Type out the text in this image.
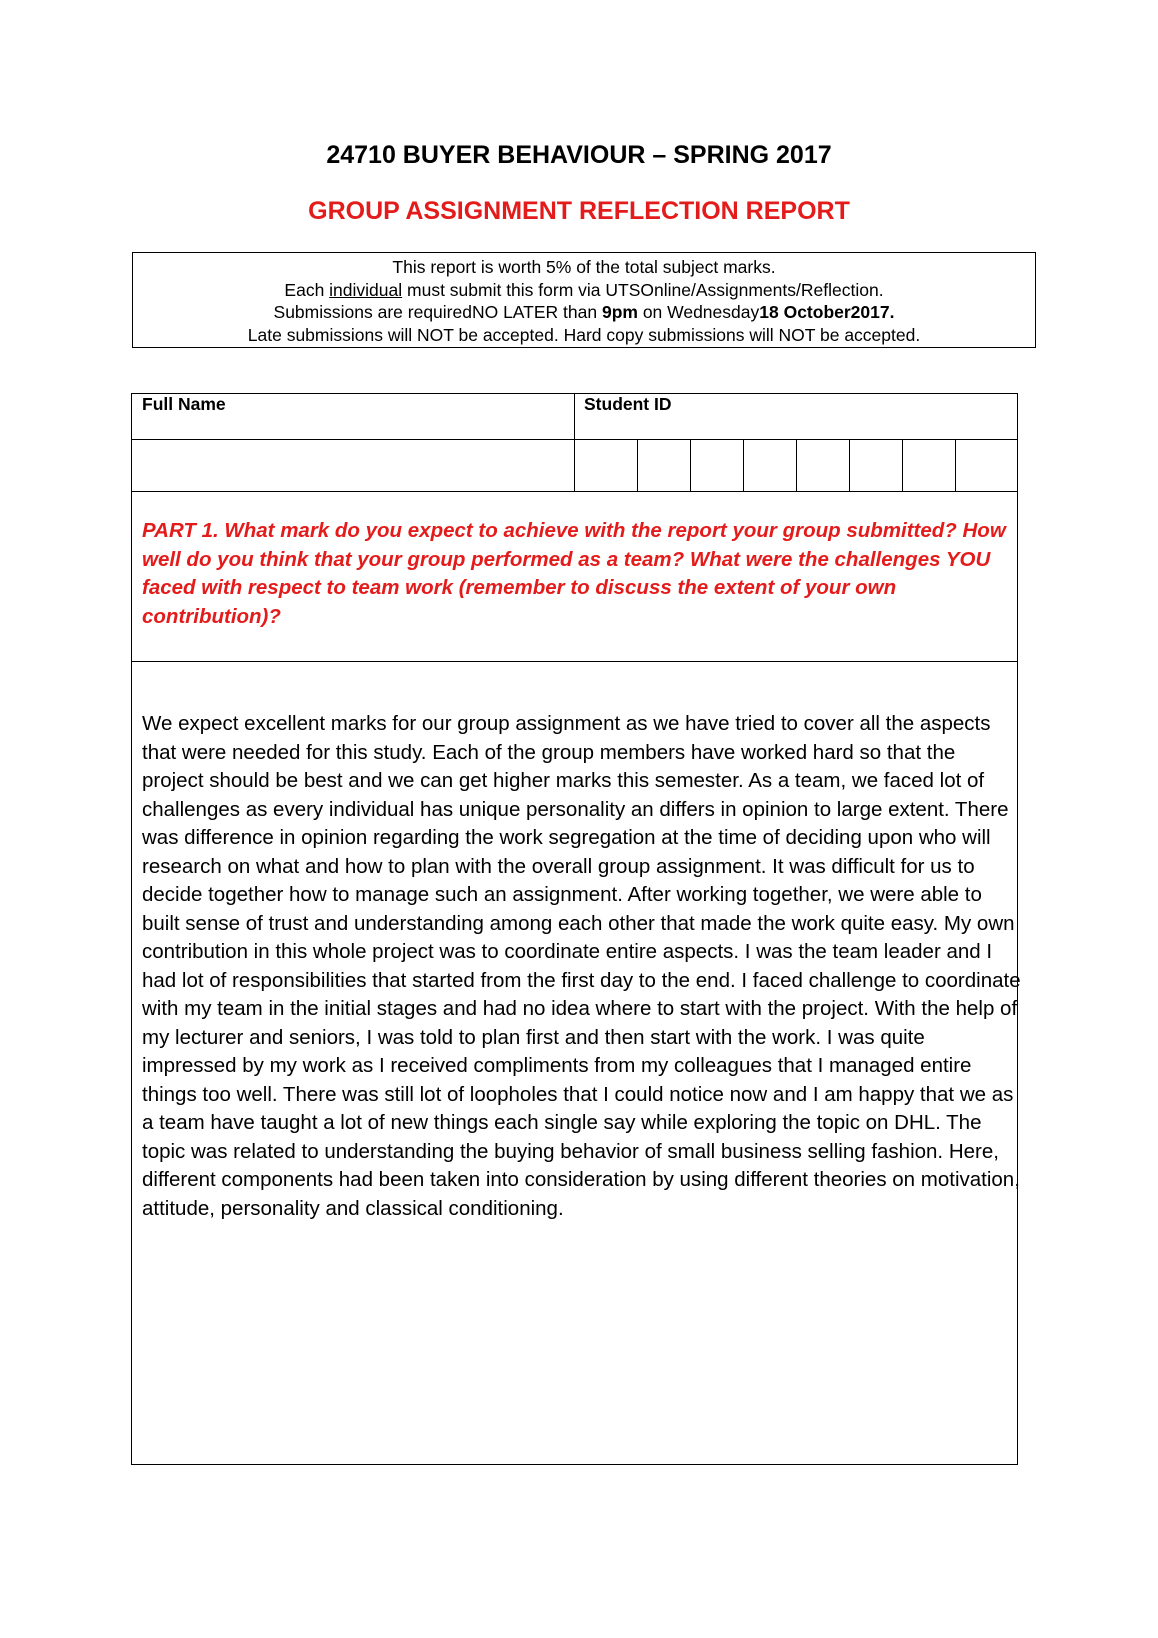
24710 BUYER BEHAVIOUR – SPRING 2017
GROUP ASSIGNMENT REFLECTION REPORT
This report is worth 5% of the total subject marks.
Each individual must submit this form via UTSOnline/Assignments/Reflection.
Submissions are requiredNO LATER than 9pm on Wednesday18 October2017.
Late submissions will NOT be accepted. Hard copy submissions will NOT be accepted.
Full Name	Student ID
PART 1. What mark do you expect to achieve with the report your group submitted? How well do you think that your group performed as a team? What were the challenges YOU faced with respect to team work (remember to discuss the extent of your own contribution)?
We expect excellent marks for our group assignment as we have tried to cover all the aspects that were needed for this study. Each of the group members have worked hard so that the project should be best and we can get higher marks this semester. As a team, we faced lot of challenges as every individual has unique personality an differs in opinion to large extent. There was difference in opinion regarding the work segregation at the time of deciding upon who will research on what and how to plan with the overall group assignment. It was difficult for us to decide together how to manage such an assignment. After working together, we were able to built sense of trust and understanding among each other that made the work quite easy. My own contribution in this whole project was to coordinate entire aspects. I was the team leader and I had lot of responsibilities that started from the first day to the end. I faced challenge to coordinate with my team in the initial stages and had no idea where to start with the project. With the help of my lecturer and seniors, I was told to plan first and then start with the work. I was quite impressed by my work as I received compliments from my colleagues that I managed entire things too well. There was still lot of loopholes that I could notice now and I am happy that we as a team have taught a lot of new things each single say while exploring the topic on DHL. The topic was related to understanding the buying behavior of small business selling fashion. Here, different components had been taken into consideration by using different theories on motivation, attitude, personality and classical conditioning.
